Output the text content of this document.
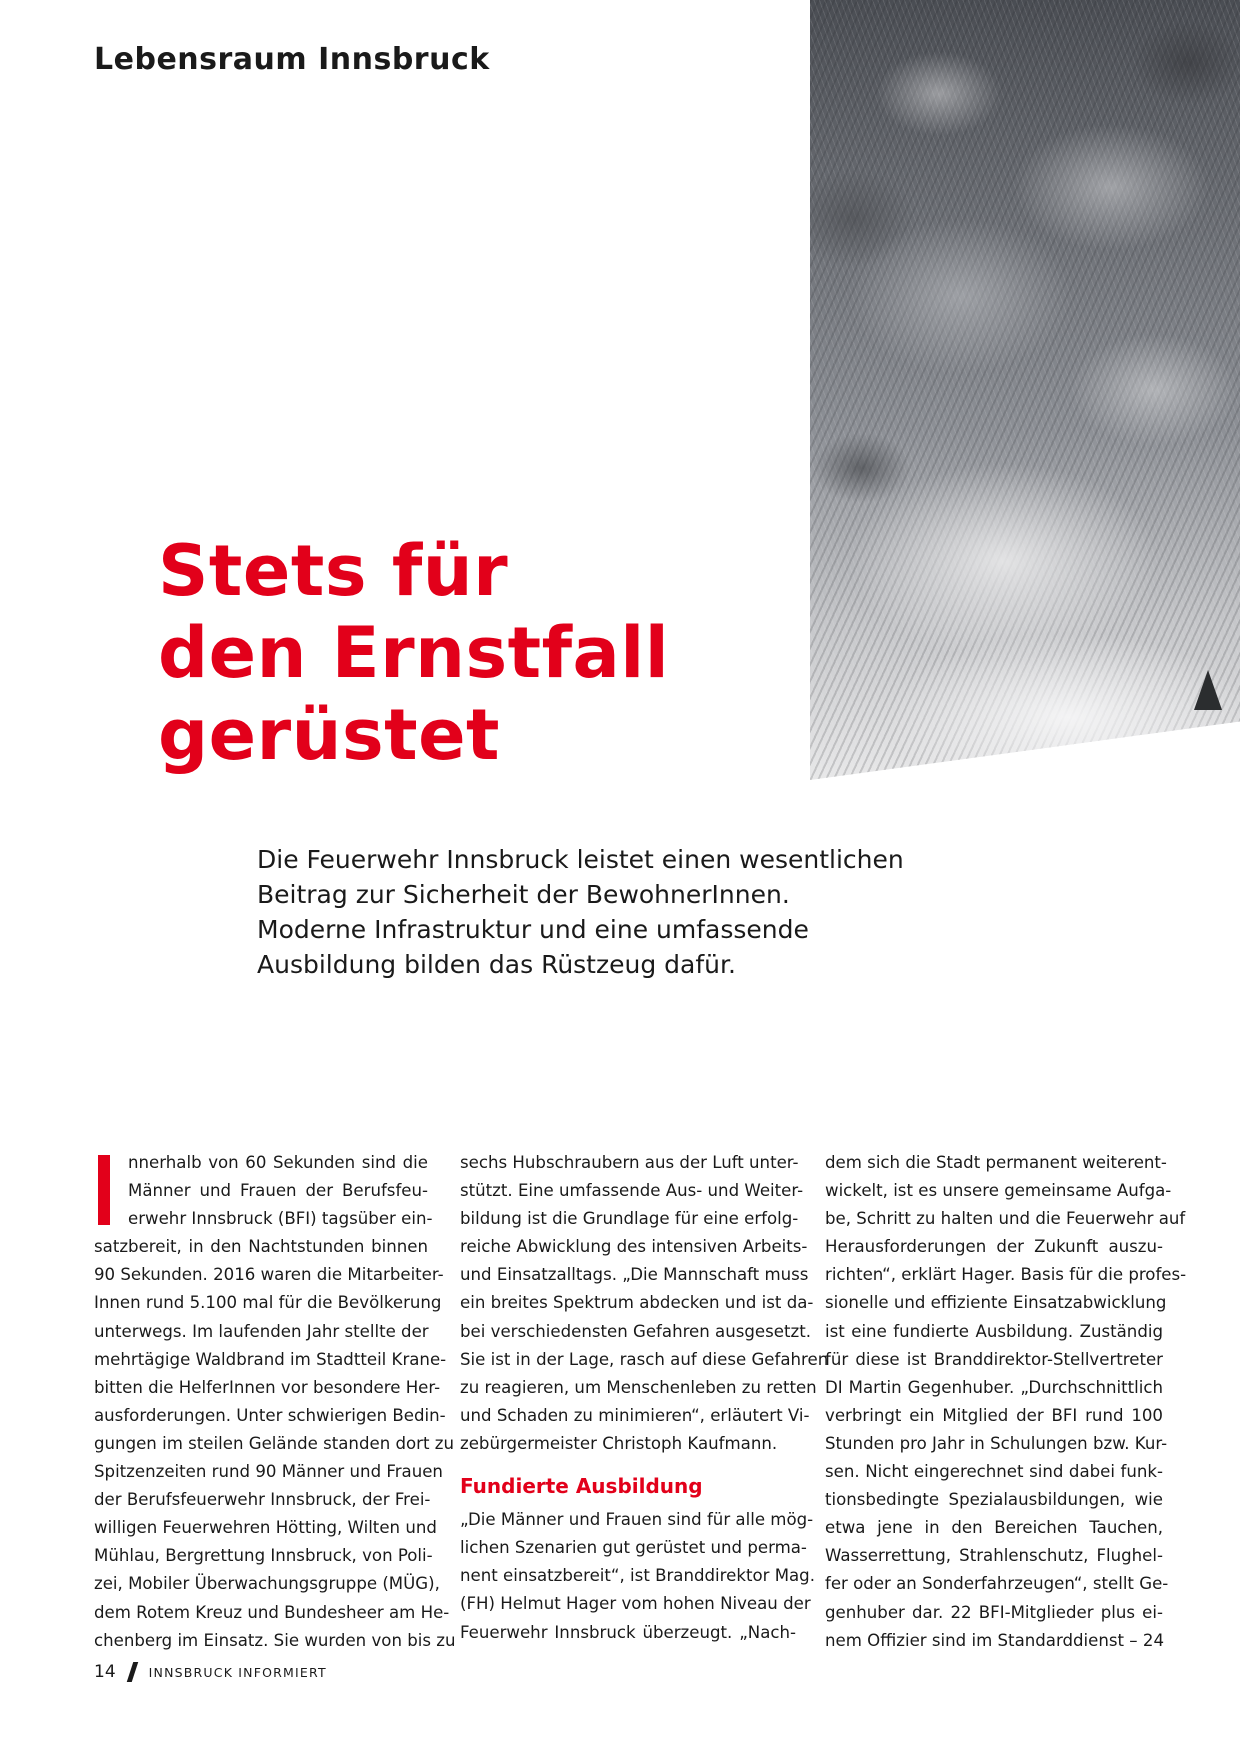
Lebensraum Innsbruck
Stets für
den Ernstfall
gerüstet
Die Feuerwehr Innsbruck leistet einen wesentlichen
Beitrag zur Sicherheit der BewohnerInnen.
Moderne Infrastruktur und eine umfassende
Ausbildung bilden das Rüstzeug dafür.
nnerhalb von 60 Sekunden sind die
Männer und Frauen der Berufsfeu-
erwehr Innsbruck (BFI) tagsüber ein-
satzbereit, in den Nachtstunden binnen
90 Sekunden. 2016 waren die Mitarbeiter-
Innen rund 5.100 mal für die Bevölkerung
unterwegs. Im laufenden Jahr stellte der
mehrtägige Waldbrand im Stadtteil Krane-
bitten die HelferInnen vor besondere Her-
ausforderungen. Unter schwierigen Bedin-
gungen im steilen Gelände standen dort zu
Spitzenzeiten rund 90 Männer und Frauen
der Berufsfeuerwehr Innsbruck, der Frei-
willigen Feuerwehren Hötting, Wilten und
Mühlau, Bergrettung Innsbruck, von Poli-
zei, Mobiler Überwachungsgruppe (MÜG),
dem Rotem Kreuz und Bundesheer am He-
chenberg im Einsatz. Sie wurden von bis zu
sechs Hubschraubern aus der Luft unter-
stützt. Eine umfassende Aus- und Weiter-
bildung ist die Grundlage für eine erfolg-
reiche Abwicklung des intensiven Arbeits-
und Einsatzalltags. „Die Mannschaft muss
ein breites Spektrum abdecken und ist da-
bei verschiedensten Gefahren ausgesetzt.
Sie ist in der Lage, rasch auf diese Gefahren
zu reagieren, um Menschenleben zu retten
und Schaden zu minimieren“, erläutert Vi-
zebürgermeister Christoph Kaufmann.
Fundierte Ausbildung
„Die Männer und Frauen sind für alle mög-
lichen Szenarien gut gerüstet und perma-
nent einsatzbereit“, ist Branddirektor Mag.
(FH) Helmut Hager vom hohen Niveau der
Feuerwehr Innsbruck überzeugt. „Nach-
dem sich die Stadt permanent weiterent-
wickelt, ist es unsere gemeinsame Aufga-
be, Schritt zu halten und die Feuerwehr auf
Herausforderungen der Zukunft auszu-
richten“, erklärt Hager. Basis für die profes-
sionelle und effiziente Einsatzabwicklung
ist eine fundierte Ausbildung. Zuständig
für diese ist Branddirektor-Stellvertreter
DI Martin Gegenhuber. „Durchschnittlich
verbringt ein Mitglied der BFI rund 100
Stunden pro Jahr in Schulungen bzw. Kur-
sen. Nicht eingerechnet sind dabei funk-
tionsbedingte Spezialausbildungen, wie
etwa jene in den Bereichen Tauchen,
Wasserrettung, Strahlenschutz, Flughel-
fer oder an Sonderfahrzeugen“, stellt Ge-
genhuber dar. 22 BFI-Mitglieder plus ei-
nem Offizier sind im Standarddienst – 24
14	INNSBRUCK INFORMIERT
